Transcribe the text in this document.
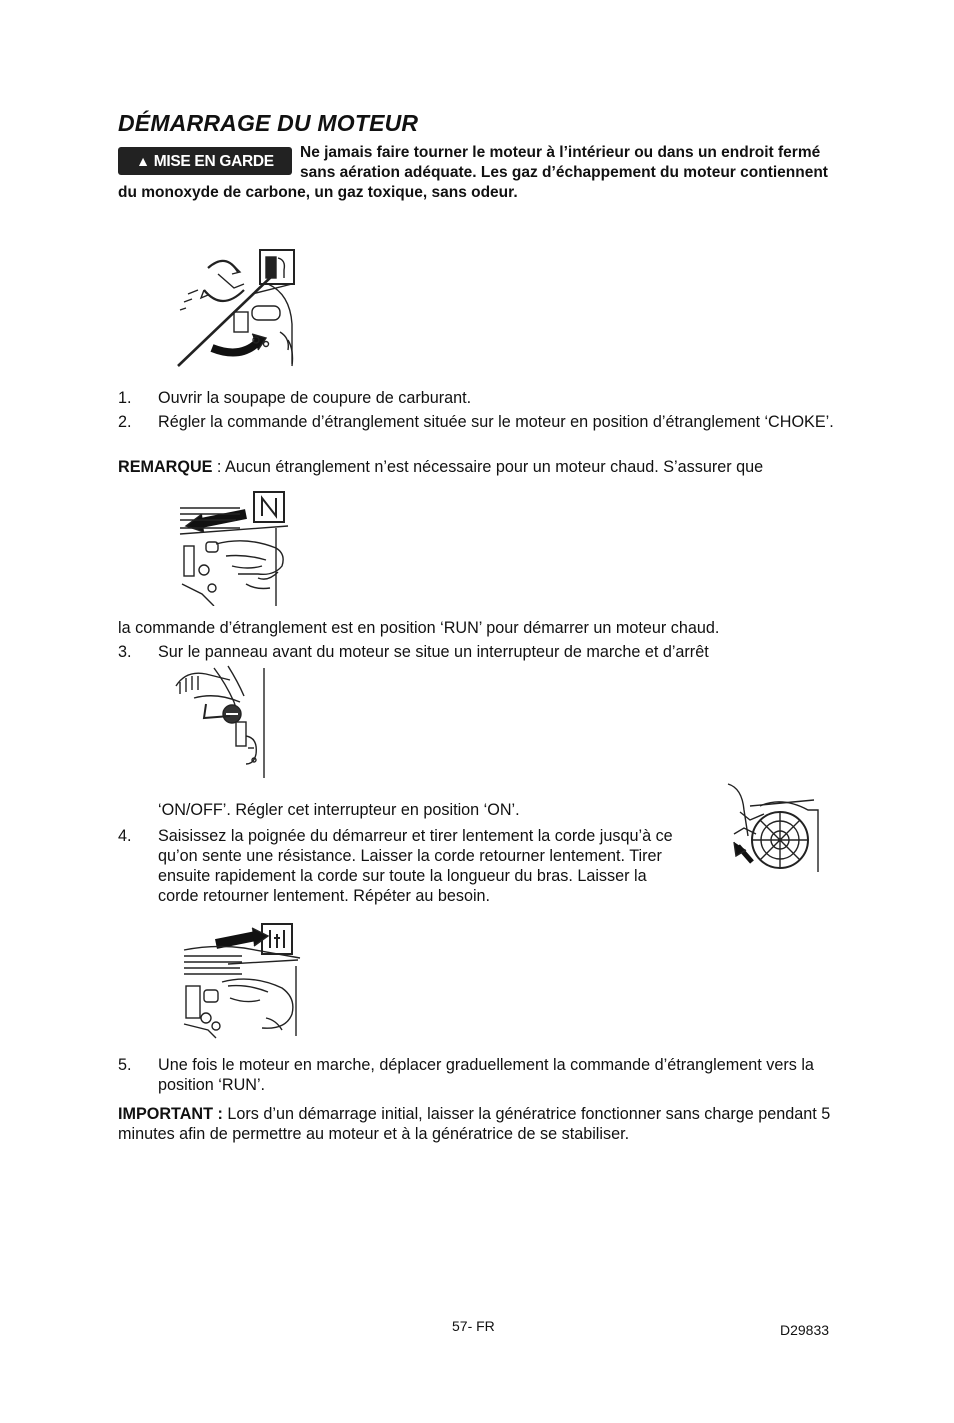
DÉMARRAGE DU MOTEUR
▲ MISE EN GARDE

Ne jamais faire tourner le moteur à l’intérieur ou dans un endroit fermé sans aération adéquate. Les gaz d’échappement du moteur contiennent du monoxyde de carbone, un gaz toxique, sans odeur.

1. Ouvrir la soupape de coupure de carburant.
2. Régler la commande d’étranglement située sur le moteur en position d’étranglement ‘CHOKE’.

REMARQUE : Aucun étranglement n’est nécessaire pour un moteur chaud. S’assurer que

la commande d’étranglement est en position ‘RUN’ pour démarrer un moteur chaud.

3. Sur le panneau avant du moteur se situe un interrupteur de marche et d’arrêt
‘ON/OFF’. Régler cet interrupteur en position ‘ON’.
4. Saisissez la poignée du démarreur et tirer lentement la corde jusqu’à ce qu’on sente une résistance. Laisser la corde retourner lentement. Tirer ensuite rapidement la corde sur toute la longueur du bras. Laisser la corde retourner lentement. Répéter au besoin.
5. Une fois le moteur en marche, déplacer graduellement la commande d’étranglement vers la position ‘RUN’.

IMPORTANT : Lors d’un démarrage initial, laisser la génératrice fonctionner sans charge pendant 5 minutes afin de permettre au moteur et à la génératrice de se stabiliser.

57- FR	D29833
